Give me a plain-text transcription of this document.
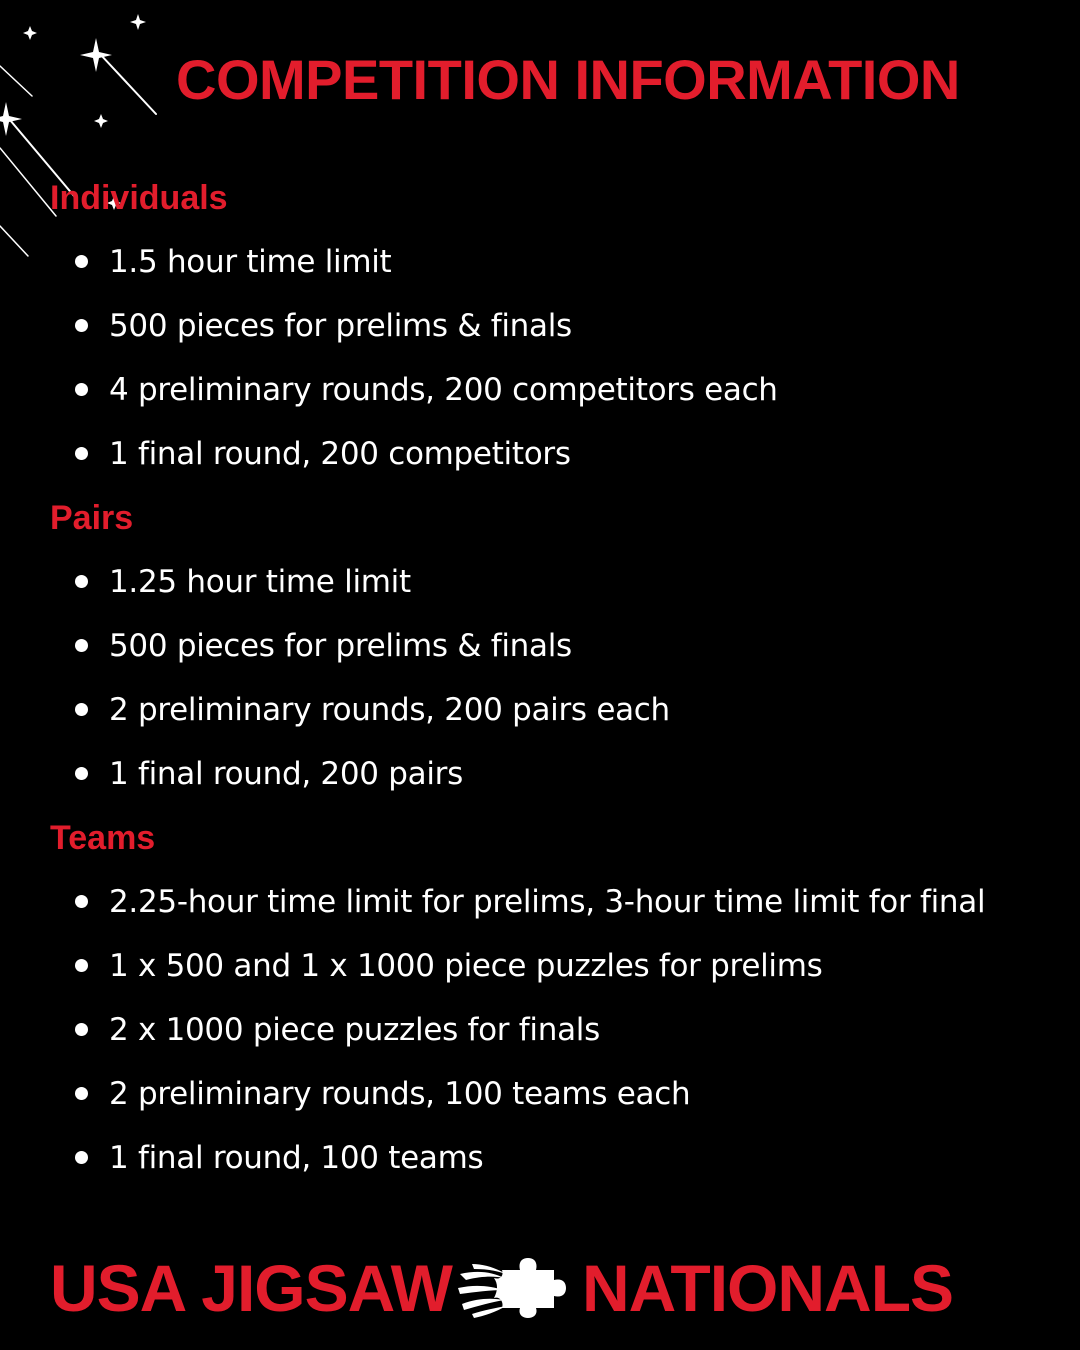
COMPETITION INFORMATION
Individuals
1.5 hour time limit
500 pieces for prelims & finals
4 preliminary rounds, 200 competitors each
1 final round, 200 competitors
Pairs
1.25 hour time limit
500 pieces for prelims & finals
2 preliminary rounds, 200 pairs each
1 final round, 200 pairs
Teams
2.25-hour time limit for prelims, 3-hour time limit for final
1 x 500 and 1 x 1000 piece puzzles for prelims
2 x 1000 piece puzzles for finals
2 preliminary rounds, 100 teams each
1 final round, 100 teams
USA JIGSAW NATIONALS
